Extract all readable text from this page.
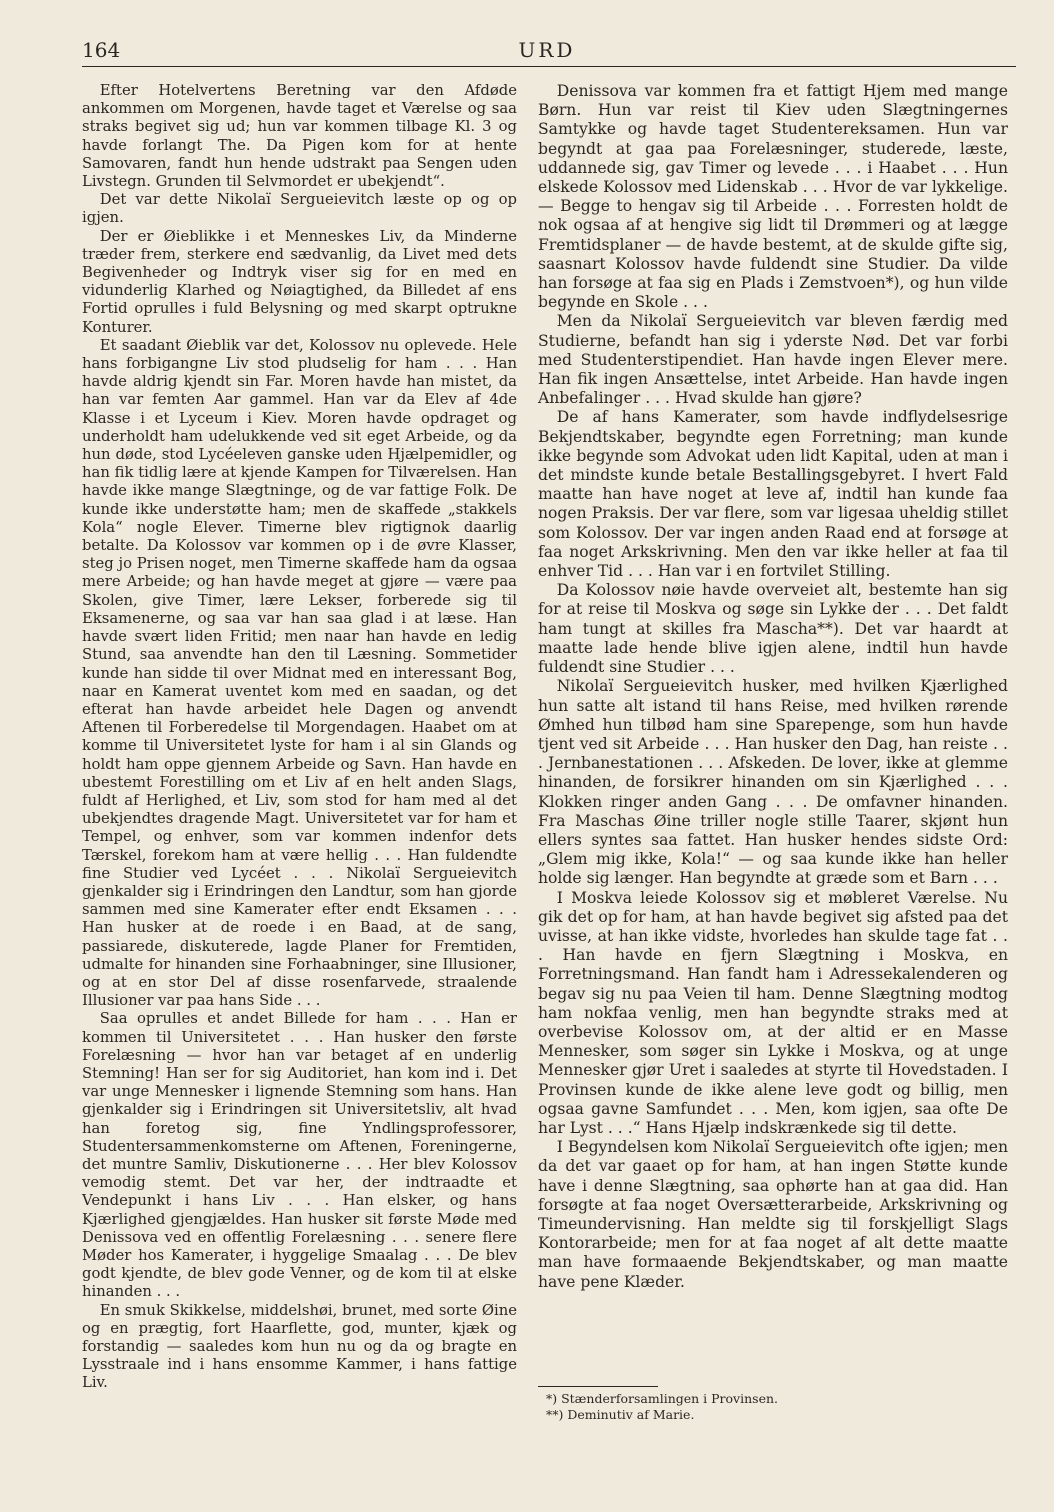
164	URD

Efter Hotelvertens Beretning var den Afdøde ankommen om Morgenen, havde taget et Værelse og saa straks begivet sig ud; hun var kommen tilbage Kl. 3 og havde forlangt The. Da Pigen kom for at hente Samovaren, fandt hun hende udstrakt paa Sengen uden Livstegn. Grunden til Selvmordet er ubekjendt“.

Det var dette Nikolaï Sergueievitch læste op og op igjen.

Der er Øieblikke i et Menneskes Liv, da Minderne træder frem, sterkere end sædvanlig, da Livet med dets Begivenheder og Indtryk viser sig for en med en vidunderlig Klarhed og Nøiagtighed, da Billedet af ens Fortid oprulles i fuld Belysning og med skarpt optrukne Konturer.

Et saadant Øieblik var det, Kolossov nu oplevede. Hele hans forbigangne Liv stod pludselig for ham . . . Han havde aldrig kjendt sin Far. Moren havde han mistet, da han var femten Aar gammel. Han var da Elev af 4de Klasse i et Lyceum i Kiev. Moren havde opdraget og underholdt ham udelukkende ved sit eget Arbeide, og da hun døde, stod Lycéeleven ganske uden Hjælpemidler, og han fik tidlig lære at kjende Kampen for Tilværelsen. Han havde ikke mange Slægtninge, og de var fattige Folk. De kunde ikke understøtte ham; men de skaffede „stakkels Kola“ nogle Elever. Timerne blev rigtignok daarlig betalte. Da Kolossov var kommen op i de øvre Klasser, steg jo Prisen noget, men Timerne skaffede ham da ogsaa mere Arbeide; og han havde meget at gjøre — være paa Skolen, give Timer, lære Lekser, forberede sig til Eksamenerne, og saa var han saa glad i at læse. Han havde svært liden Fritid; men naar han havde en ledig Stund, saa anvendte han den til Læsning. Sommetider kunde han sidde til over Midnat med en interessant Bog, naar en Kamerat uventet kom med en saadan, og det efterat han havde arbeidet hele Dagen og anvendt Aftenen til Forberedelse til Morgendagen. Haabet om at komme til Universitetet lyste for ham i al sin Glands og holdt ham oppe gjennem Arbeide og Savn. Han havde en ubestemt Forestilling om et Liv af en helt anden Slags, fuldt af Herlighed, et Liv, som stod for ham med al det ubekjendtes dragende Magt. Universitetet var for ham et Tempel, og enhver, som var kommen indenfor dets Tærskel, forekom ham at være hellig . . . Han fuldendte fine Studier ved Lycéet . . . Nikolaï Sergueievitch gjenkalder sig i Erindringen den Landtur, som han gjorde sammen med sine Kamerater efter endt Eksamen . . . Han husker at de roede i en Baad, at de sang, passiarede, diskuterede, lagde Planer for Fremtiden, udmalte for hinanden sine Forhaabninger, sine Illusioner, og at en stor Del af disse rosenfarvede, straalende Illusioner var paa hans Side . . .

Saa oprulles et andet Billede for ham . . . Han er kommen til Universitetet . . . Han husker den første Forelæsning — hvor han var betaget af en underlig Stemning! Han ser for sig Auditoriet, han kom ind i. Det var unge Mennesker i lignende Stemning som hans. Han gjenkalder sig i Erindringen sit Universitetsliv, alt hvad han foretog sig, fine Yndlingsprofessorer, Studentersammenkomsterne om Aftenen, Foreningerne, det muntre Samliv, Diskutionerne . . . Her blev Kolossov vemodig stemt. Det var her, der indtraadte et Vendepunkt i hans Liv . . . Han elsker, og hans Kjærlighed gjengjældes. Han husker sit første Møde med Denissova ved en offentlig Forelæsning . . . senere flere Møder hos Kamerater, i hyggelige Smaalag . . . De blev godt kjendte, de blev gode Venner, og de kom til at elske hinanden . . .

En smuk Skikkelse, middelshøi, brunet, med sorte Øine og en prægtig, fort Haarflette, god, munter, kjæk og forstandig — saaledes kom hun nu og da og bragte en Lysstraale ind i hans ensomme Kammer, i hans fattige Liv.

Denissova var kommen fra et fattigt Hjem med mange Børn. Hun var reist til Kiev uden Slægtningernes Samtykke og havde taget Studentereksamen. Hun var begyndt at gaa paa Forelæsninger, studerede, læste, uddannede sig, gav Timer og levede . . . i Haabet . . . Hun elskede Kolossov med Lidenskab . . . Hvor de var lykkelige. — Begge to hengav sig til Arbeide . . . Forresten holdt de nok ogsaa af at hengive sig lidt til Drømmeri og at lægge Fremtidsplaner — de havde bestemt, at de skulde gifte sig, saasnart Kolossov havde fuldendt sine Studier. Da vilde han forsøge at faa sig en Plads i Zemstvoen*), og hun vilde begynde en Skole . . .

Men da Nikolaï Sergueievitch var bleven færdig med Studierne, befandt han sig i yderste Nød. Det var forbi med Studenterstipendiet. Han havde ingen Elever mere. Han fik ingen Ansættelse, intet Arbeide. Han havde ingen Anbefalinger . . . Hvad skulde han gjøre?

De af hans Kamerater, som havde indflydelsesrige Bekjendtskaber, begyndte egen Forretning; man kunde ikke begynde som Advokat uden lidt Kapital, uden at man i det mindste kunde betale Bestallingsgebyret. I hvert Fald maatte han have noget at leve af, indtil han kunde faa nogen Praksis. Der var flere, som var ligesaa uheldig stillet som Kolossov. Der var ingen anden Raad end at forsøge at faa noget Arkskrivning. Men den var ikke heller at faa til enhver Tid . . . Han var i en fortvilet Stilling.

Da Kolossov nøie havde overveiet alt, bestemte han sig for at reise til Moskva og søge sin Lykke der . . . Det faldt ham tungt at skilles fra Mascha**). Det var haardt at maatte lade hende blive igjen alene, indtil hun havde fuldendt sine Studier . . .

Nikolaï Sergueievitch husker, med hvilken Kjærlighed hun satte alt istand til hans Reise, med hvilken rørende Ømhed hun tilbød ham sine Sparepenge, som hun havde tjent ved sit Arbeide . . . Han husker den Dag, han reiste . . . Jernbanestationen . . . Afskeden. De lover, ikke at glemme hinanden, de forsikrer hinanden om sin Kjærlighed . . . Klokken ringer anden Gang . . . De omfavner hinanden. Fra Maschas Øine triller nogle stille Taarer, skjønt hun ellers syntes saa fattet. Han husker hendes sidste Ord: „Glem mig ikke, Kola!“ — og saa kunde ikke han heller holde sig længer. Han begyndte at græde som et Barn . . .

I Moskva leiede Kolossov sig et møbleret Værelse. Nu gik det op for ham, at han havde begivet sig afsted paa det uvisse, at han ikke vidste, hvorledes han skulde tage fat . . . Han havde en fjern Slægtning i Moskva, en Forretningsmand. Han fandt ham i Adressekalenderen og begav sig nu paa Veien til ham. Denne Slægtning modtog ham nokfaa venlig, men han begyndte straks med at overbevise Kolossov om, at der altid er en Masse Mennesker, som søger sin Lykke i Moskva, og at unge Mennesker gjør Uret i saaledes at styrte til Hovedstaden. I Provinsen kunde de ikke alene leve godt og billig, men ogsaa gavne Samfundet . . . Men, kom igjen, saa ofte De har Lyst . . .“ Hans Hjælp indskrænkede sig til dette.

I Begyndelsen kom Nikolaï Sergueievitch ofte igjen; men da det var gaaet op for ham, at han ingen Støtte kunde have i denne Slægtning, saa ophørte han at gaa did. Han forsøgte at faa noget Oversætterarbeide, Arkskrivning og Timeundervisning. Han meldte sig til forskjelligt Slags Kontorarbeide; men for at faa noget af alt dette maatte man have formaaende Bekjendtskaber, og man maatte have pene Klæder.

*) Stænderforsamlingen i Provinsen.

**) Deminutiv af Marie.
